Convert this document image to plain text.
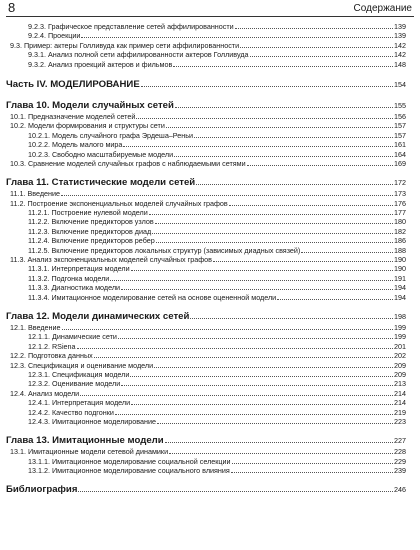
8	Содержание
9.2.3. Графическое представление сетей аффилированности	139
9.2.4. Проекции	139
9.3. Пример: актеры Голливуда как пример сети аффилированности	142
9.3.1. Анализ полной сети аффилированности актеров Голливуда	142
9.3.2. Анализ проекций актеров и фильмов	148
Часть IV. МОДЕЛИРОВАНИЕ	154
Глава 10. Модели случайных сетей	155
10.1. Предназначение моделей сетей	156
10.2. Модели формирования и структуры сети	157
10.2.1. Модель случайного графа Эрдеша–Реньи	157
10.2.2. Модель малого мира	161
10.2.3. Свободно масштабируемые модели	164
10.3. Сравнение моделей случайных графов с наблюдаемыми сетями	169
Глава 11. Статистические модели сетей	172
11.1. Введение	173
11.2. Построение экспоненциальных моделей случайных графов	176
11.2.1. Построение нулевой модели	177
11.2.2. Включение предикторов узлов	180
11.2.3. Включение предикторов диад	182
11.2.4. Включение предикторов ребер	186
11.2.5. Включение предикторов локальных структур (зависимых диадных связей)	188
11.3. Анализ экспоненциальных моделей случайных графов	190
11.3.1. Интерпретация модели	190
11.3.2. Подгонка модели	191
11.3.3. Диагностика модели	194
11.3.4. Имитационное моделирование сетей на основе оцененной модели	194
Глава 12. Модели динамических сетей	198
12.1. Введение	199
12.1.1. Динамические сети	199
12.1.2. RSiena	201
12.2. Подготовка данных	202
12.3. Спецификация и оценивание модели	209
12.3.1. Спецификация модели	209
12.3.2. Оценивание модели	213
12.4. Анализ модели	214
12.4.1. Интерпретация модели	214
12.4.2. Качество подгонки	219
12.4.3. Имитационное моделирование	223
Глава 13. Имитационные модели	227
13.1. Имитационные модели сетевой динамики	228
13.1.1. Имитационное моделирование социальной селекции	229
13.1.2. Имитационное моделирование социального влияния	239
Библиография	246
